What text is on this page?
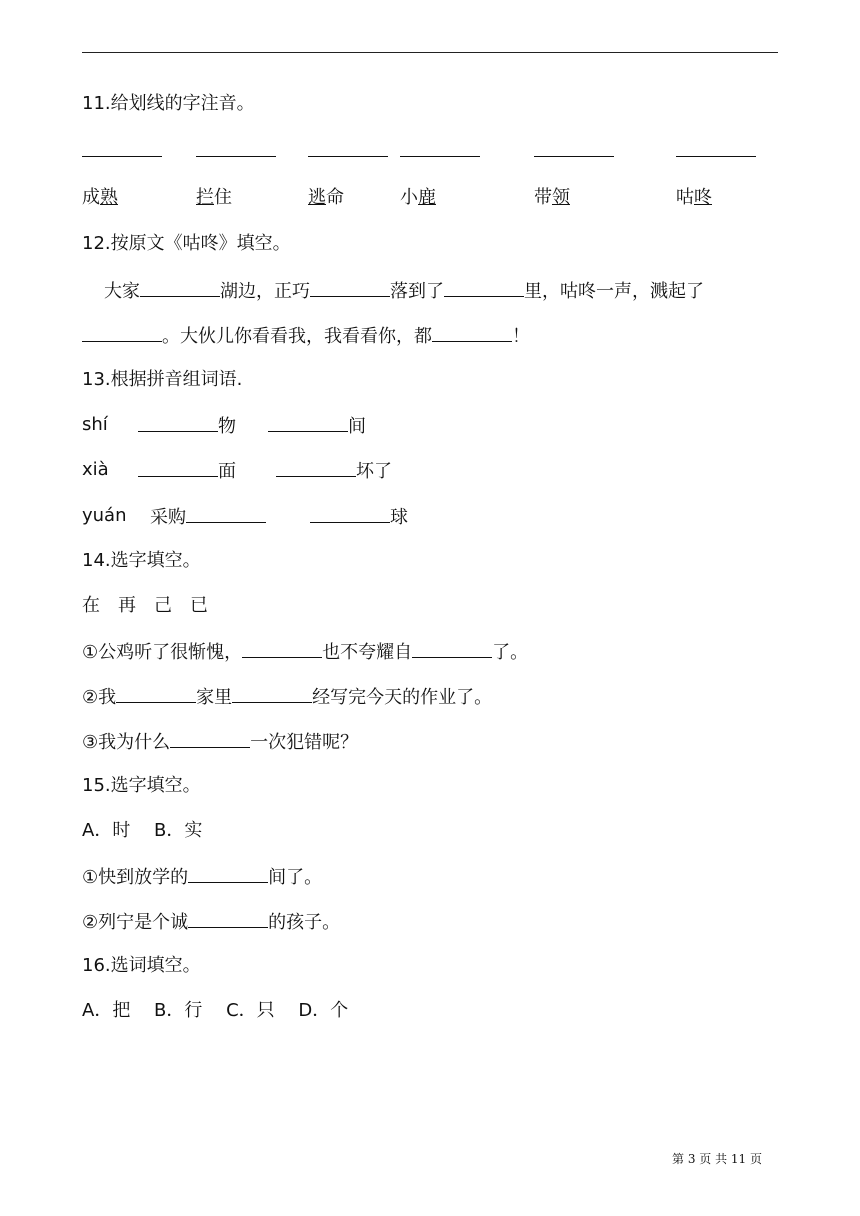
11.给划线的字注音。
成熟	拦住	逃命	小鹿	带领	咕咚
12.按原文《咕咚》填空。
大家	湖边，正巧	落到了	里，咕咚一声，溅起了
。大伙儿你看看我，我看看你，都	！
13.根据拼音组词语.
shí	物	间
xià	面	坏了
yuán 采购	球
14.选字填空。
在　再　己　已
①公鸡听了很惭愧，	也不夸耀自	了。
②我	家里	经写完今天的作业了。
③我为什么	一次犯错呢？
15.选字填空。
A．时　 B．实
①快到放学的	间了。
②列宁是个诚	的孩子。
16.选词填空。
A．把　 B．行　 C．只　 D．个
第 3 页 共 11 页
